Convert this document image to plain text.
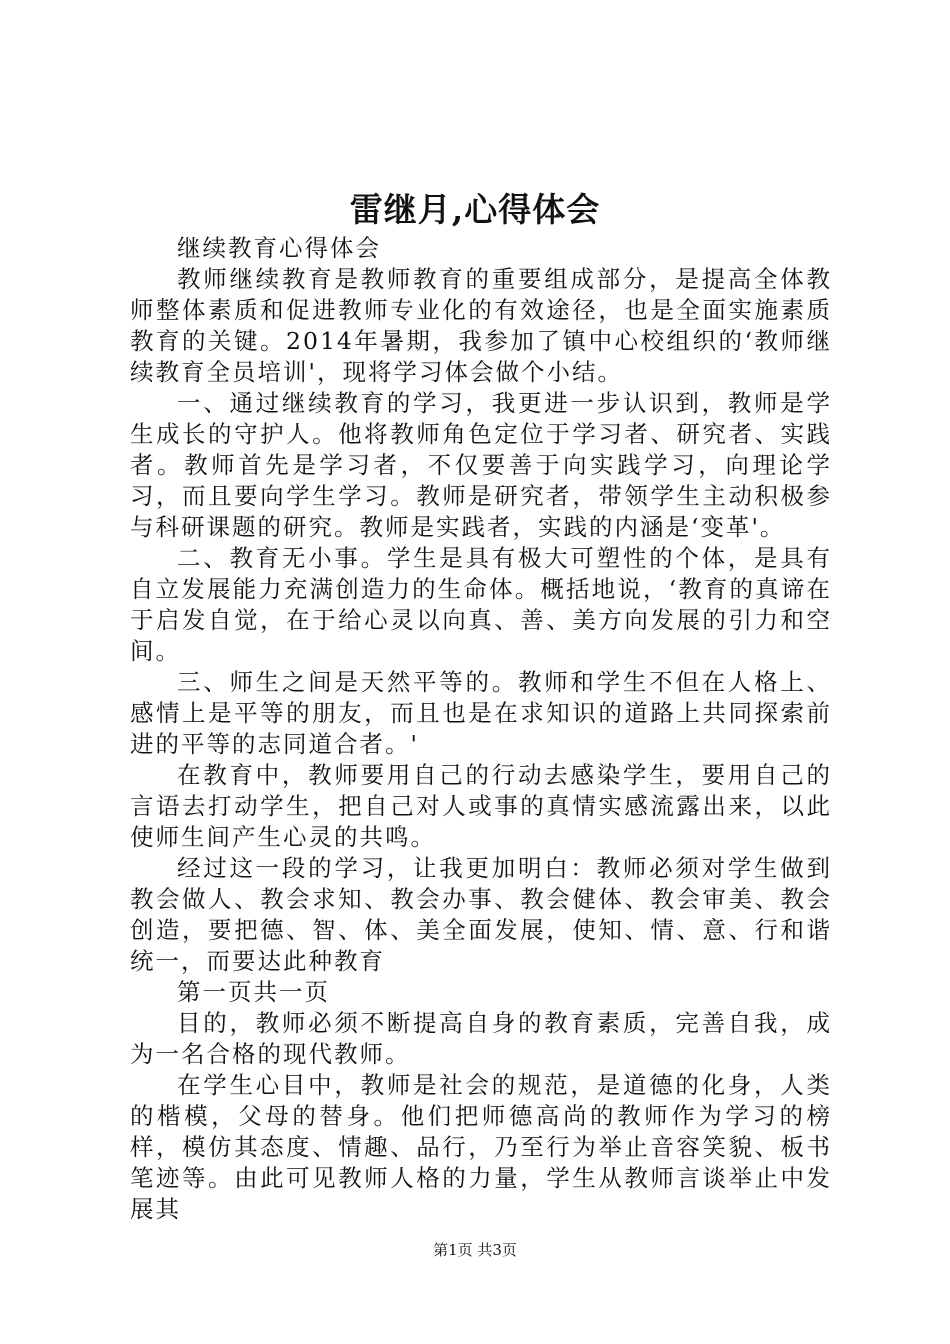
雷继月,心得体会

继续教育心得体会

教师继续教育是教师教育的重要组成部分，是提高全体教师整体素质和促进教师专业化的有效途径，也是全面实施素质教育的关键。2014年暑期，我参加了镇中心校组织的‘教师继续教育全员培训'，现将学习体会做个小结。

一、通过继续教育的学习，我更进一步认识到，教师是学生成长的守护人。他将教师角色定位于学习者、研究者、实践者。教师首先是学习者，不仅要善于向实践学习，向理论学习，而且要向学生学习。教师是研究者，带领学生主动积极参与科研课题的研究。教师是实践者，实践的内涵是‘变革'。

二、教育无小事。学生是具有极大可塑性的个体，是具有自立发展能力充满创造力的生命体。概括地说，‘教育的真谛在于启发自觉，在于给心灵以向真、善、美方向发展的引力和空间。

三、师生之间是天然平等的。教师和学生不但在人格上、感情上是平等的朋友，而且也是在求知识的道路上共同探索前进的平等的志同道合者。'

在教育中，教师要用自己的行动去感染学生，要用自己的言语去打动学生，把自己对人或事的真情实感流露出来，以此使师生间产生心灵的共鸣。

经过这一段的学习，让我更加明白：教师必须对学生做到教会做人、教会求知、教会办事、教会健体、教会审美、教会创造，要把德、智、体、美全面发展，使知、情、意、行和谐统一，而要达此种教育

第一页共一页

目的，教师必须不断提高自身的教育素质，完善自我，成为一名合格的现代教师。

在学生心目中，教师是社会的规范，是道德的化身，人类的楷模，父母的替身。他们把师德高尚的教师作为学习的榜样，模仿其态度、情趣、品行，乃至行为举止音容笑貌、板书笔迹等。由此可见教师人格的力量，学生从教师言谈举止中发展其

第1页 共3页
